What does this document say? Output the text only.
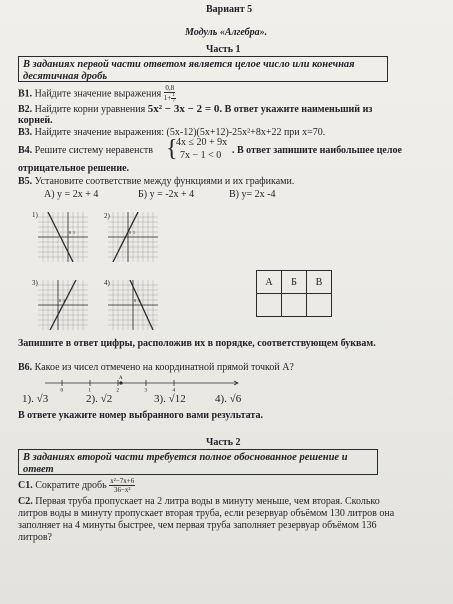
Вариант 5
Модуль «Алгебра».
Часть 1
В заданиях первой части ответом является целое число или конечная
десятичная дробь
В1. Найдите значение выражения $\frac{0,8}{1+ \frac{1}{7}}$
В2. Найдите корни уравнения 5x² − 3x − 2 = 0. В ответ укажите наименьший из
корней.
В3. Найдите значение выражения: (5x-12)(5x+12)-25x²+8x+22 при x=70.
В4. Решите систему неравенств {
4x ≤ 20 + 9x
7x − 1 < 0 . В ответ запишите наибольшее целое
отрицательное решение.
В5. Установите соответствие между функциями и их графиками.
А) y = 2x + 4	Б) y = -2x + 4	В) y= 2x -4
1)
0 1
2)
0 1
3)
0 1
4)
0 1
А	Б	В

Запишите в ответ цифры, расположив их в порядке, соответствующем буквам.
В6. Какое из чисел отмечено на координатной прямой точкой А?
A
0	1	2	3	4
1). √3	2). √2	3). √12	4). √6
В ответе укажите номер выбранного вами результата.
Часть 2
В заданиях второй части требуется полное обоснованное решение и
ответ
С1. Сократите дробь $\frac{\text{x²−7x+6}}{\text{36−x²}}$
С2. Первая труба пропускает на 2 литра воды в минуту меньше, чем вторая. Сколько
литров воды в минуту пропускает вторая труба, если резервуар объёмом 130 литров она
заполняет на 4 минуты быстрее, чем первая труба заполняет резервуар объёмом 136
литров?
